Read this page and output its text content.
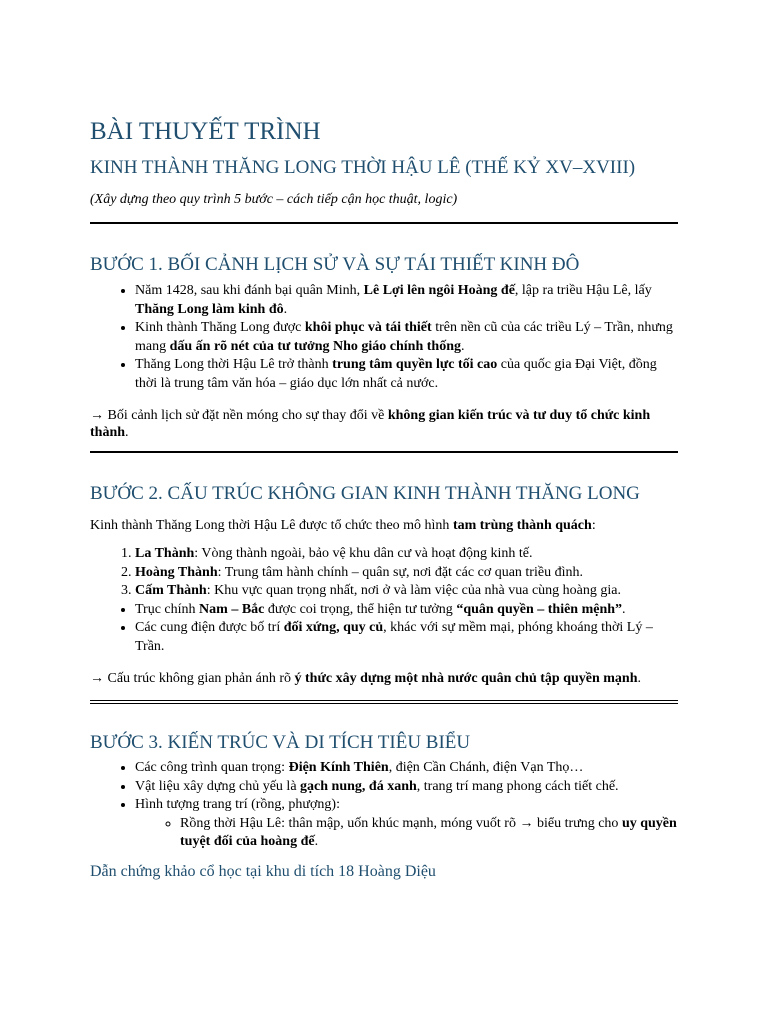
BÀI THUYẾT TRÌNH
KINH THÀNH THĂNG LONG THỜI HẬU LÊ (THẾ KỶ XV–XVIII)
(Xây dựng theo quy trình 5 bước – cách tiếp cận học thuật, logic)
BƯỚC 1. BỐI CẢNH LỊCH SỬ VÀ SỰ TÁI THIẾT KINH ĐÔ
• Năm 1428, sau khi đánh bại quân Minh, Lê Lợi lên ngôi Hoàng đế, lập ra triều Hậu Lê, lấy Thăng Long làm kinh đô.
• Kinh thành Thăng Long được khôi phục và tái thiết trên nền cũ của các triều Lý – Trần, nhưng mang dấu ấn rõ nét của tư tưởng Nho giáo chính thống.
• Thăng Long thời Hậu Lê trở thành trung tâm quyền lực tối cao của quốc gia Đại Việt, đồng thời là trung tâm văn hóa – giáo dục lớn nhất cả nước.

→ Bối cảnh lịch sử đặt nền móng cho sự thay đổi về không gian kiến trúc và tư duy tổ chức kinh thành.

BƯỚC 2. CẤU TRÚC KHÔNG GIAN KINH THÀNH THĂNG LONG

Kinh thành Thăng Long thời Hậu Lê được tổ chức theo mô hình tam trùng thành quách:

1. La Thành: Vòng thành ngoài, bảo vệ khu dân cư và hoạt động kinh tế.
2. Hoàng Thành: Trung tâm hành chính – quân sự, nơi đặt các cơ quan triều đình.
3. Cấm Thành: Khu vực quan trọng nhất, nơi ở và làm việc của nhà vua cùng hoàng gia.
• Trục chính Nam – Bắc được coi trọng, thể hiện tư tưởng “quân quyền – thiên mệnh”.
• Các cung điện được bố trí đối xứng, quy củ, khác với sự mềm mại, phóng khoáng thời Lý – Trần.

→ Cấu trúc không gian phản ánh rõ ý thức xây dựng một nhà nước quân chủ tập quyền mạnh.

BƯỚC 3. KIẾN TRÚC VÀ DI TÍCH TIÊU BIỂU
• Các công trình quan trọng: Điện Kính Thiên, điện Cần Chánh, điện Vạn Thọ…
• Vật liệu xây dựng chủ yếu là gạch nung, đá xanh, trang trí mang phong cách tiết chế.
• Hình tượng trang trí (rồng, phượng):
◦ Rồng thời Hậu Lê: thân mập, uốn khúc mạnh, móng vuốt rõ → biểu trưng cho uy quyền tuyệt đối của hoàng đế.

Dẫn chứng khảo cổ học tại khu di tích 18 Hoàng Diệu
